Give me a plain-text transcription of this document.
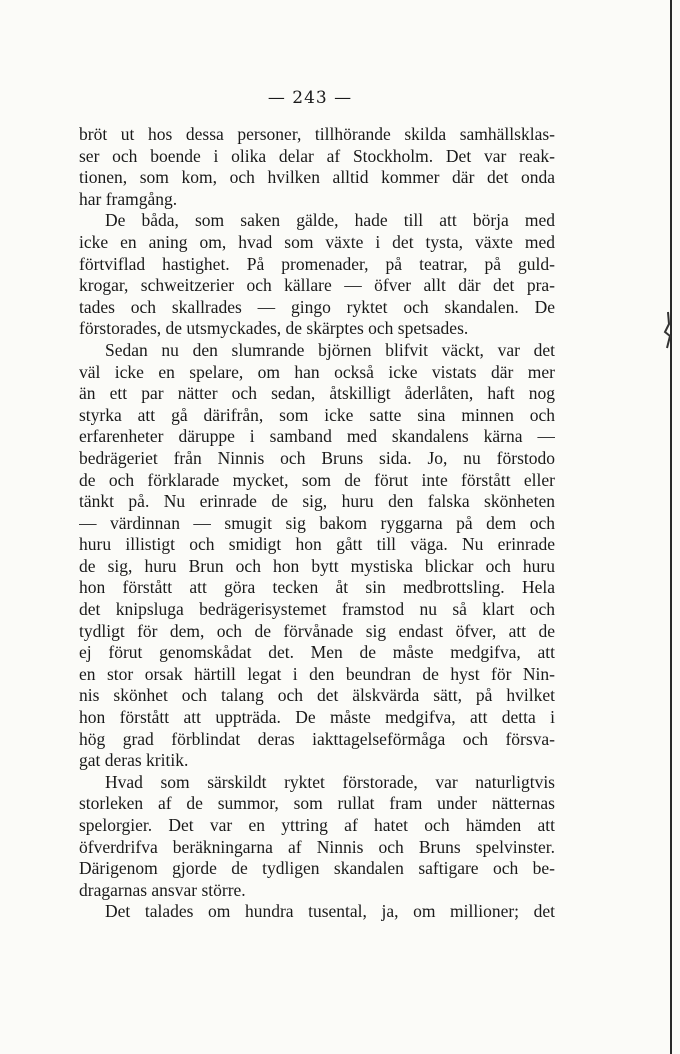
— 243 —
bröt ut hos dessa personer, tillhörande skilda samhällsklas-
ser och boende i olika delar af Stockholm. Det var reak-
tionen, som kom, och hvilken alltid kommer där det onda
har framgång.
De båda, som saken gälde, hade till att börja med
icke en aning om, hvad som växte i det tysta, växte med
förtviflad hastighet. På promenader, på teatrar, på guld-
krogar, schweitzerier och källare — öfver allt där det pra-
tades och skallrades — gingo ryktet och skandalen. De
förstorades, de utsmyckades, de skärptes och spetsades.
Sedan nu den slumrande björnen blifvit väckt, var det
väl icke en spelare, om han också icke vistats där mer
än ett par nätter och sedan, åtskilligt åderlåten, haft nog
styrka att gå därifrån, som icke satte sina minnen och
erfarenheter däruppe i samband med skandalens kärna —
bedrägeriet från Ninnis och Bruns sida. Jo, nu förstodo
de och förklarade mycket, som de förut inte förstått eller
tänkt på. Nu erinrade de sig, huru den falska skönheten
— värdinnan — smugit sig bakom ryggarna på dem och
huru illistigt och smidigt hon gått till väga. Nu erinrade
de sig, huru Brun och hon bytt mystiska blickar och huru
hon förstått att göra tecken åt sin medbrottsling. Hela
det knipsluga bedrägerisystemet framstod nu så klart och
tydligt för dem, och de förvånade sig endast öfver, att de
ej förut genomskådat det. Men de måste medgifva, att
en stor orsak härtill legat i den beundran de hyst för Nin-
nis skönhet och talang och det älskvärda sätt, på hvilket
hon förstått att uppträda. De måste medgifva, att detta i
hög grad förblindat deras iakttagelseförmåga och försva-
gat deras kritik.
Hvad som särskildt ryktet förstorade, var naturligtvis
storleken af de summor, som rullat fram under nätternas
spelorgier. Det var en yttring af hatet och hämden att
öfverdrifva beräkningarna af Ninnis och Bruns spelvinster.
Därigenom gjorde de tydligen skandalen saftigare och be-
dragarnas ansvar större.
Det talades om hundra tusental, ja, om millioner; det
